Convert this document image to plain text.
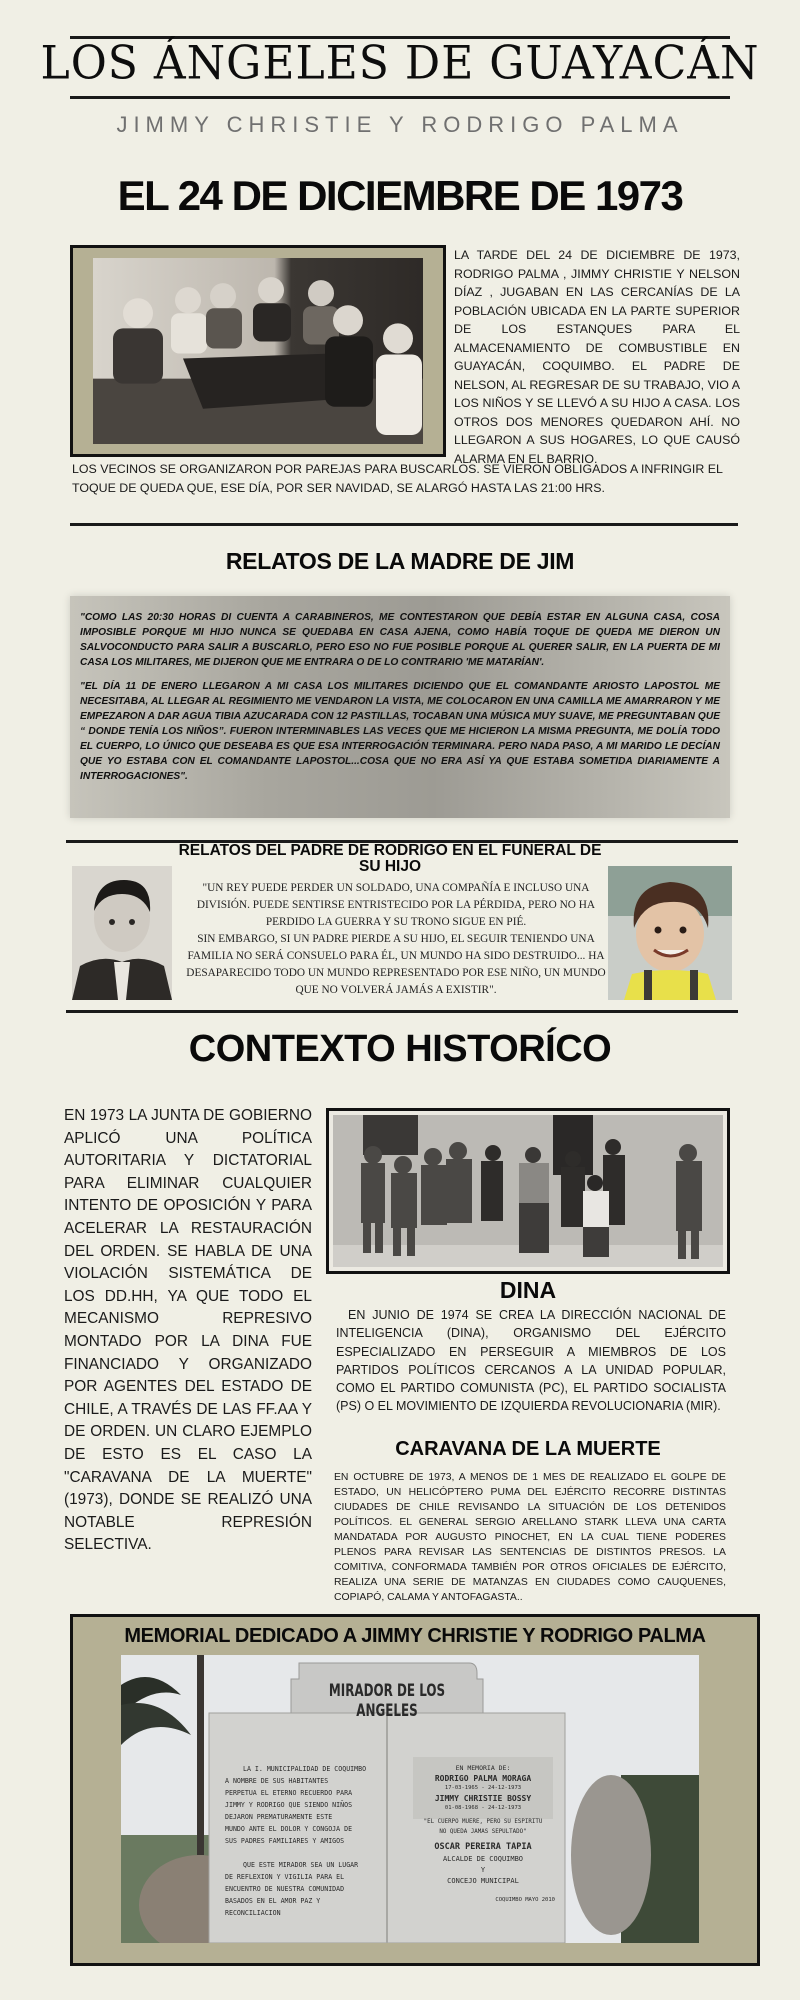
LOS ÁNGELES DE GUAYACÁN
JIMMY CHRISTIE Y RODRIGO PALMA
EL 24 DE DICIEMBRE DE 1973

LA TARDE DEL 24 DE DICIEMBRE DE 1973, RODRIGO PALMA , JIMMY CHRISTIE Y NELSON DÍAZ , JUGABAN EN LAS CERCANÍAS DE LA POBLACIÓN UBICADA EN LA PARTE SUPERIOR DE LOS ESTANQUES PARA EL ALMACENAMIENTO DE COMBUSTIBLE EN GUAYACÁN, COQUIMBO. EL PADRE DE NELSON, AL REGRESAR DE SU TRABAJO, VIO A LOS NIÑOS Y SE LLEVÓ A SU HIJO A CASA. LOS OTROS DOS MENORES QUEDARON AHÍ. NO LLEGARON A SUS HOGARES, LO QUE CAUSÓ ALARMA EN EL BARRIO.

LOS VECINOS SE ORGANIZARON POR PAREJAS PARA BUSCARLOS. SE VIERON OBLIGADOS A INFRINGIR EL TOQUE DE QUEDA QUE, ESE DÍA, POR SER NAVIDAD, SE ALARGÓ HASTA LAS 21:00 HRS.

RELATOS DE LA MADRE DE JIM

"COMO LAS 20:30 HORAS DI CUENTA A CARABINEROS, ME CONTESTARON QUE DEBÍA ESTAR EN ALGUNA CASA, COSA IMPOSIBLE PORQUE MI HIJO NUNCA SE QUEDABA EN CASA AJENA, COMO HABÍA TOQUE DE QUEDA ME DIERON UN SALVOCONDUCTO PARA SALIR A BUSCARLO, PERO ESO NO FUE POSIBLE PORQUE AL QUERER SALIR, EN LA PUERTA DE MI CASA LOS MILITARES, ME DIJERON QUE ME ENTRARA O DE LO CONTRARIO 'ME MATARÍAN'.

"EL DÍA 11 DE ENERO LLEGARON A MI CASA LOS MILITARES DICIENDO QUE EL COMANDANTE ARIOSTO LAPOSTOL ME NECESITABA, AL LLEGAR AL REGIMIENTO ME VENDARON LA VISTA, ME COLOCARON EN UNA CAMILLA ME AMARRARON Y ME EMPEZARON A DAR AGUA TIBIA AZUCARADA CON 12 PASTILLAS, TOCABAN UNA MÚSICA MUY SUAVE, ME PREGUNTABAN QUE “ DONDE TENÍA LOS NIÑOS”. FUERON INTERMINABLES LAS VECES QUE ME HICIERON LA MISMA PREGUNTA, ME DOLÍA TODO EL CUERPO, LO ÚNICO QUE DESEABA ES QUE ESA INTERROGACIÓN TERMINARA. PERO NADA PASO, A MI MARIDO LE DECÍAN QUE YO ESTABA CON EL COMANDANTE LAPOSTOL...COSA QUE NO ERA ASÍ YA QUE ESTABA SOMETIDA DIARIAMENTE A INTERROGACIONES".

RELATOS DEL PADRE DE RODRIGO EN EL FUNERAL DE SU HIJO
"UN REY PUEDE PERDER UN SOLDADO, UNA COMPAÑÍA E INCLUSO UNA DIVISIÓN. PUEDE SENTIRSE ENTRISTECIDO POR LA PÉRDIDA, PERO NO HA PERDIDO LA GUERRA Y SU TRONO SIGUE EN PIÉ.
SIN EMBARGO, SI UN PADRE PIERDE A SU HIJO, EL SEGUIR TENIENDO UNA FAMILIA NO SERÁ CONSUELO PARA ÉL, UN MUNDO HA SIDO DESTRUIDO... HA DESAPARECIDO TODO UN MUNDO REPRESENTADO POR ESE NIÑO, UN MUNDO QUE NO VOLVERÁ JAMÁS A EXISTIR".
CONTEXTO HISTORÍCO

EN 1973 LA JUNTA DE GOBIERNO APLICÓ UNA POLÍTICA AUTORITARIA Y DICTATORIAL PARA ELIMINAR CUALQUIER INTENTO DE OPOSICIÓN Y PARA ACELERAR LA RESTAURACIÓN DEL ORDEN. SE HABLA DE UNA VIOLACIÓN SISTEMÁTICA DE LOS DD.HH, YA QUE TODO EL MECANISMO REPRESIVO MONTADO POR LA DINA FUE FINANCIADO Y ORGANIZADO POR AGENTES DEL ESTADO DE CHILE, A TRAVÉS DE LAS FF.AA Y DE ORDEN. UN CLARO EJEMPLO DE ESTO ES EL CASO LA "CARAVANA DE LA MUERTE" (1973), DONDE SE REALIZÓ UNA NOTABLE REPRESIÓN SELECTIVA.

DINA

EN JUNIO DE 1974 SE CREA LA DIRECCIÓN NACIONAL DE INTELIGENCIA (DINA), ORGANISMO DEL EJÉRCITO ESPECIALIZADO EN PERSEGUIR A MIEMBROS DE LOS PARTIDOS POLÍTICOS CERCANOS A LA UNIDAD POPULAR, COMO EL PARTIDO COMUNISTA (PC), EL PARTIDO SOCIALISTA (PS) O EL MOVIMIENTO DE IZQUIERDA REVOLUCIONARIA (MIR).

CARAVANA DE LA MUERTE

EN OCTUBRE DE 1973, A MENOS DE 1 MES DE REALIZADO EL GOLPE DE ESTADO, UN HELICÓPTERO PUMA DEL EJÉRCITO RECORRE DISTINTAS CIUDADES DE CHILE REVISANDO LA SITUACIÓN DE LOS DETENIDOS POLÍTICOS. EL GENERAL SERGIO ARELLANO STARK LLEVA UNA CARTA MANDATADA POR AUGUSTO PINOCHET, EN LA CUAL TIENE PODERES PLENOS PARA REVISAR LAS SENTENCIAS DE DISTINTOS PRESOS. LA COMITIVA, CONFORMADA TAMBIÉN POR OTROS OFICIALES DE EJÉRCITO, REALIZA UNA SERIE DE MATANZAS EN CIUDADES COMO CAUQUENES, COPIAPÓ, CALAMA Y ANTOFAGASTA..

MEMORIAL DEDICADO A JIMMY CHRISTIE Y RODRIGO PALMA
MIRADOR DE LOS ANGELES
LA I. MUNICIPALIDAD DE COQUIMBO
A NOMBRE DE SUS HABITANTES
PERPETUA EL ETERNO RECUERDO PARA
JIMMY Y RODRIGO QUE SIENDO NIÑOS
DEJARON PREMATURAMENTE ESTE
MUNDO ANTE EL DOLOR Y CONGOJA DE
SUS PADRES FAMILIARES Y AMIGOS
QUE ESTE MIRADOR SEA UN LUGAR
DE REFLEXION Y VIGILIA PARA EL
ENCUENTRO DE NUESTRA COMUNIDAD
BASADOS EN EL AMOR PAZ Y
RECONCILIACION
EN MEMORIA DE:
RODRIGO PALMA MORAGA
17-03-1965 - 24-12-1973
JIMMY CHRISTIE BOSSY
01-08-1968 - 24-12-1973
"EL CUERPO MUERE, PERO SU ESPIRITU
NO QUEDA JAMAS SEPULTADO"
OSCAR PEREIRA TAPIA
ALCALDE DE COQUIMBO
Y
CONCEJO MUNICIPAL
COQUIMBO MAYO 2010
